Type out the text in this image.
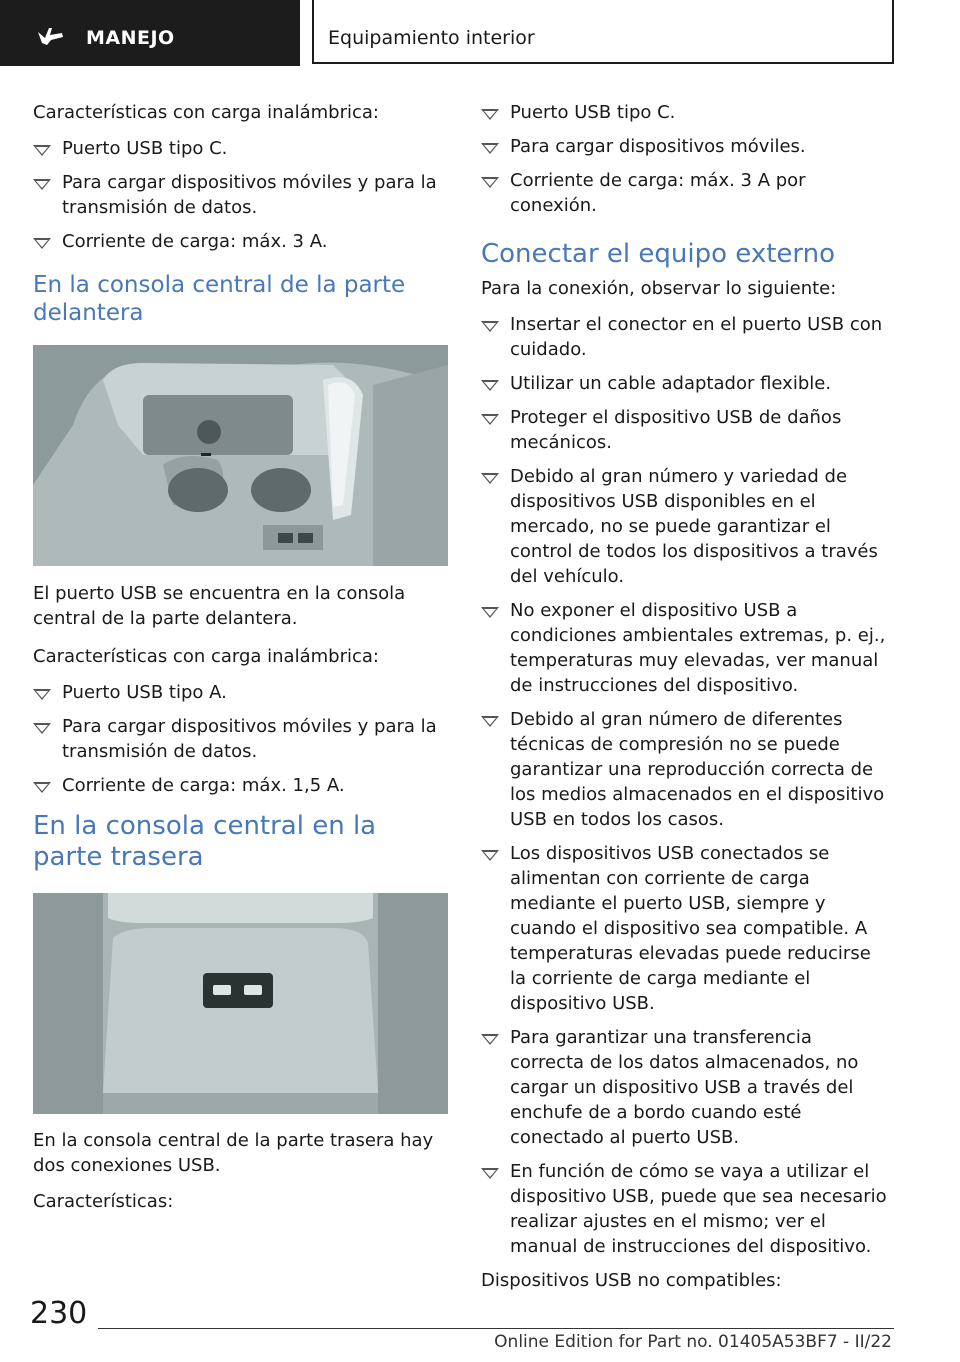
MANEJO	Equipamiento interior

Características con carga inalámbrica:

Puerto USB tipo C.
Para cargar dispositivos móviles y para la transmisión de datos.
Corriente de carga: máx. 3 A.
En la consola central de la parte delantera

El puerto USB se encuentra en la consola central de la parte delantera.

Características con carga inalámbrica:

Puerto USB tipo A.
Para cargar dispositivos móviles y para la transmisión de datos.
Corriente de carga: máx. 1,5 A.
En la consola central en la parte trasera

En la consola central de la parte trasera hay dos conexiones USB.

Características:

Puerto USB tipo C.
Para cargar dispositivos móviles.
Corriente de carga: máx. 3 A por conexión.
Conectar el equipo externo

Para la conexión, observar lo siguiente:

Insertar el conector en el puerto USB con cuidado.
Utilizar un cable adaptador flexible.
Proteger el dispositivo USB de daños mecánicos.
Debido al gran número y variedad de dispositivos USB disponibles en el mercado, no se puede garantizar el control de todos los dispositivos a través del vehículo.
No exponer el dispositivo USB a condiciones ambientales extremas, p. ej., temperaturas muy elevadas, ver manual de instrucciones del dispositivo.
Debido al gran número de diferentes técnicas de compresión no se puede garantizar una reproducción correcta de los medios almacenados en el dispositivo USB en todos los casos.
Los dispositivos USB conectados se alimentan con corriente de carga mediante el puerto USB, siempre y cuando el dispositivo sea compatible. A temperaturas elevadas puede reducirse la corriente de carga mediante el dispositivo USB.
Para garantizar una transferencia correcta de los datos almacenados, no cargar un dispositivo USB a través del enchufe de a bordo cuando esté conectado al puerto USB.
En función de cómo se vaya a utilizar el dispositivo USB, puede que sea necesario realizar ajustes en el mismo; ver el manual de instrucciones del dispositivo.

Dispositivos USB no compatibles:

230
Online Edition for Part no. 01405A53BF7 - II/22
